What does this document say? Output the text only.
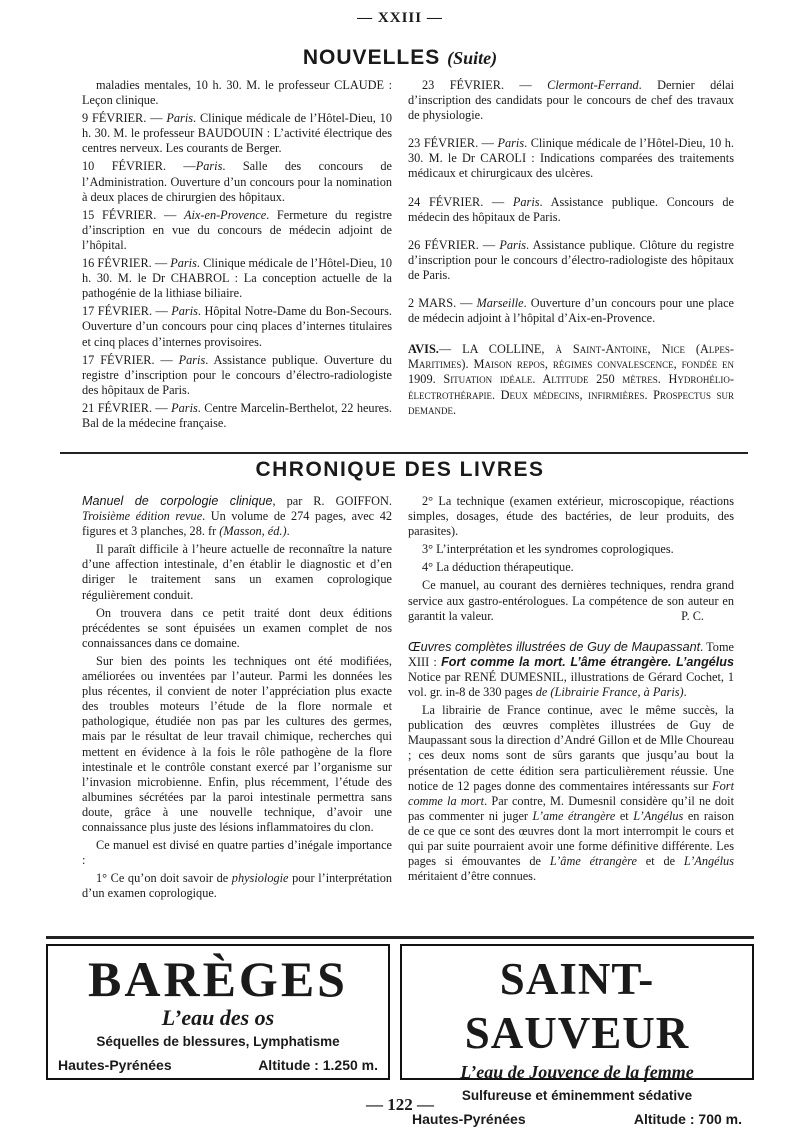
— XXIII —
NOUVELLES (Suite)

maladies mentales, 10 h. 30. M. le professeur CLAUDE : Leçon clinique.

9 FÉVRIER. — Paris. Clinique médicale de l’Hôtel-Dieu, 10 h. 30. M. le professeur BAUDOUIN : L’activité électrique des centres nerveux. Les courants de Berger.

10 FÉVRIER. —Paris. Salle des concours de l’Administration. Ouverture d’un concours pour la nomination à deux places de chirurgien des hôpitaux.

15 FÉVRIER. — Aix-en-Provence. Fermeture du registre d’inscription en vue du concours de médecin adjoint de l’hôpital.

16 FÉVRIER. — Paris. Clinique médicale de l’Hôtel-Dieu, 10 h. 30. M. le Dr CHABROL : La conception actuelle de la pathogénie de la lithiase biliaire.

17 FÉVRIER. — Paris. Hôpital Notre-Dame du Bon-Secours. Ouverture d’un concours pour cinq places d’internes titulaires et cinq places d’internes provisoires.

17 FÉVRIER. — Paris. Assistance publique. Ouverture du registre d’inscription pour le concours d’électro-radiologiste des hôpitaux de Paris.

21 FÉVRIER. — Paris. Centre Marcelin-Berthelot, 22 heures. Bal de la médecine française.

23 FÉVRIER. — Clermont-Ferrand. Dernier délai d’inscription des candidats pour le concours de chef des travaux de physiologie.

23 FÉVRIER. — Paris. Clinique médicale de l’Hôtel-Dieu, 10 h. 30. M. le Dr CAROLI : Indications comparées des traitements médicaux et chirurgicaux des ulcères.

24 FÉVRIER. — Paris. Assistance publique. Concours de médecin des hôpitaux de Paris.

26 FÉVRIER. — Paris. Assistance publique. Clôture du registre d’inscription pour le concours d’électro-radiologiste des hôpitaux de Paris.

2 MARS. — Marseille. Ouverture d’un concours pour une place de médecin adjoint à l’hôpital d’Aix-en-Provence.

AVIS.— LA COLLINE, à Saint-Antoine, Nice (Alpes-Maritimes). Maison repos, régimes convalescence, fondée en 1909. Situation idéale. Altitude 250 mètres. Hydrohélio-électrothérapie. Deux médecins, infirmières. Prospectus sur demande.

CHRONIQUE DES LIVRES

Manuel de corpologie clinique, par R. GOIFFON. Troisième édition revue. Un volume de 274 pages, avec 42 figures et 3 planches, 28. fr (Masson, éd.).

Il paraît difficile à l’heure actuelle de reconnaître la nature d’une affection intestinale, d’en établir le diagnostic et d’en diriger le traitement sans un examen coprologique régulièrement conduit.

On trouvera dans ce petit traité dont deux éditions précédentes se sont épuisées un examen complet de nos connaissances dans ce domaine.

Sur bien des points les techniques ont été modifiées, améliorées ou inventées par l’auteur. Parmi les données les plus récentes, il convient de noter l’appréciation plus exacte des troubles moteurs l’étude de la flore normale et pathologique, étudiée non pas par les cultures des germes, mais par le résultat de leur travail chimique, recherches qui mettent en évidence à la fois le rôle pathogène de la flore intestinale et le contrôle constant exercé par l’organisme sur l’invasion microbienne. Enfin, plus récemment, l’étude des albumines sécrétées par la paroi intestinale permettra sans doute, grâce à une nouvelle technique, d’avoir une connaissance plus juste des lésions inflammatoires du clon.

Ce manuel est divisé en quatre parties d’inégale importance :

1° Ce qu’on doit savoir de physiologie pour l’interprétation d’un examen coprologique.

2° La technique (examen extérieur, microscopique, réactions simples, dosages, étude des bactéries, de leur produits, des parasites).

3° L’interprétation et les syndromes coprologiques.

4° La déduction thérapeutique.

Ce manuel, au courant des dernières techniques, rendra grand service aux gastro-entérologues. La compétence de son auteur en garantit la valeur.	P. C.

Œuvres complètes illustrées de Guy de Maupassant. Tome XIII : Fort comme la mort. L’âme étrangère. L’angélus Notice par RENÉ DUMESNIL, illustrations de Gérard Cochet, 1 vol. gr. in-8 de 330 pages de (Librairie France, à Paris).

La librairie de France continue, avec le même succès, la publication des œuvres complètes illustrées de Guy de Maupassant sous la direction d’André Gillon et de Mlle Choureau ; ces deux noms sont de sûrs garants que jusqu’au bout la présentation de cette édition sera particulièrement réussie. Une notice de 12 pages donne des commentaires intéressants sur Fort comme la mort. Par contre, M. Dumesnil considère qu’il ne doit pas commenter ni juger L’ame étrangère et L’Angélus en raison de ce que ce sont des œuvres dont la mort interrompit le cours et qui par suite pourraient avoir une forme définitive différente. Les pages si émouvantes de L’âme étrangère et de L’Angélus méritaient d’être connues.

BARÈGES
L’eau des os
Séquelles de blessures, Lymphatisme
Hautes-Pyrénées	Altitude : 1.250 m.
SAINT-SAUVEUR
L’eau de Jouvence de la femme
Sulfureuse et éminemment sédative
Hautes-Pyrénées	Altitude : 700 m.
— 122 —
